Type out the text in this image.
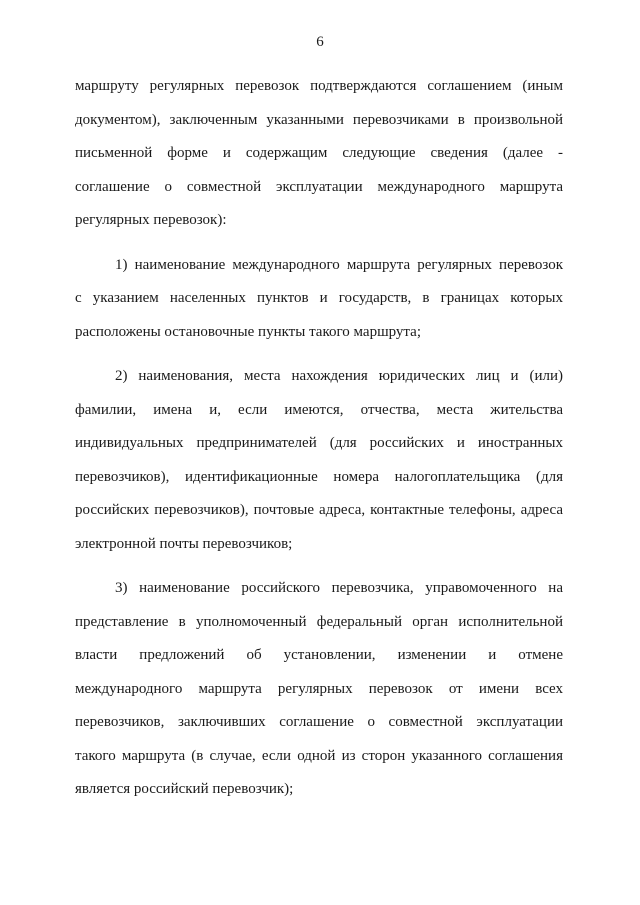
6
маршруту регулярных перевозок подтверждаются соглашением (иным
документом), заключенным указанными перевозчиками в произвольной
письменной форме и содержащим следующие сведения (далее -
соглашение о совместной эксплуатации международного маршрута
регулярных перевозок):
1) наименование международного маршрута регулярных перевозок
с указанием населенных пунктов и государств, в границах которых
расположены остановочные пункты такого маршрута;
2) наименования, места нахождения юридических лиц и (или)
фамилии, имена и, если имеются, отчества, места жительства
индивидуальных предпринимателей (для российских и иностранных
перевозчиков), идентификационные номера налогоплательщика (для
российских перевозчиков), почтовые адреса, контактные телефоны, адреса
электронной почты перевозчиков;
3) наименование российского перевозчика, управомоченного на
представление в уполномоченный федеральный орган исполнительной
власти предложений об установлении, изменении и отмене
международного маршрута регулярных перевозок от имени всех
перевозчиков, заключивших соглашение о совместной эксплуатации
такого маршрута (в случае, если одной из сторон указанного соглашения
является российский перевозчик);
